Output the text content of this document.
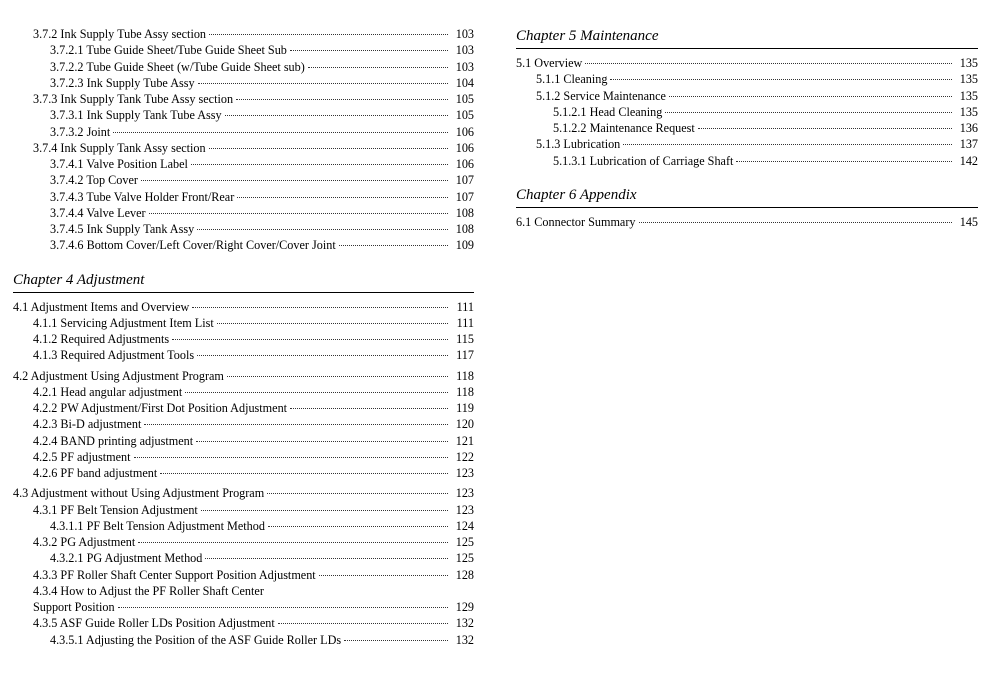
3.7.2 Ink Supply Tube Assy section	103
3.7.2.1 Tube Guide Sheet/Tube Guide Sheet Sub	103
3.7.2.2 Tube Guide Sheet (w/Tube Guide Sheet sub)	103
3.7.2.3 Ink Supply Tube Assy	104
3.7.3 Ink Supply Tank Tube Assy section	105
3.7.3.1 Ink Supply Tank Tube Assy	105
3.7.3.2 Joint	106
3.7.4 Ink Supply Tank Assy section	106
3.7.4.1 Valve Position Label	106
3.7.4.2 Top Cover	107
3.7.4.3 Tube Valve Holder Front/Rear	107
3.7.4.4 Valve Lever	108
3.7.4.5 Ink Supply Tank Assy	108
3.7.4.6 Bottom Cover/Left Cover/Right Cover/Cover Joint	109
Chapter 4 Adjustment
4.1 Adjustment Items and Overview	111
4.1.1 Servicing Adjustment Item List	111
4.1.2 Required Adjustments	115
4.1.3 Required Adjustment Tools	117
4.2 Adjustment Using Adjustment Program	118
4.2.1 Head angular adjustment	118
4.2.2 PW Adjustment/First Dot Position Adjustment	119
4.2.3 Bi-D adjustment	120
4.2.4 BAND printing adjustment	121
4.2.5 PF adjustment	122
4.2.6 PF band adjustment	123
4.3 Adjustment without Using Adjustment Program	123
4.3.1 PF Belt Tension Adjustment	123
4.3.1.1 PF Belt Tension Adjustment Method	124
4.3.2 PG Adjustment	125
4.3.2.1 PG Adjustment Method	125
4.3.3 PF Roller Shaft Center Support Position Adjustment	128
4.3.4 How to Adjust the PF Roller Shaft Center
Support Position	129
4.3.5 ASF Guide Roller LDs Position Adjustment	132
4.3.5.1 Adjusting the Position of the ASF Guide Roller LDs	132
Chapter 5 Maintenance
5.1 Overview	135
5.1.1 Cleaning	135
5.1.2 Service Maintenance	135
5.1.2.1 Head Cleaning	135
5.1.2.2 Maintenance Request	136
5.1.3 Lubrication	137
5.1.3.1 Lubrication of Carriage Shaft	142
Chapter 6 Appendix
6.1 Connector Summary	145
